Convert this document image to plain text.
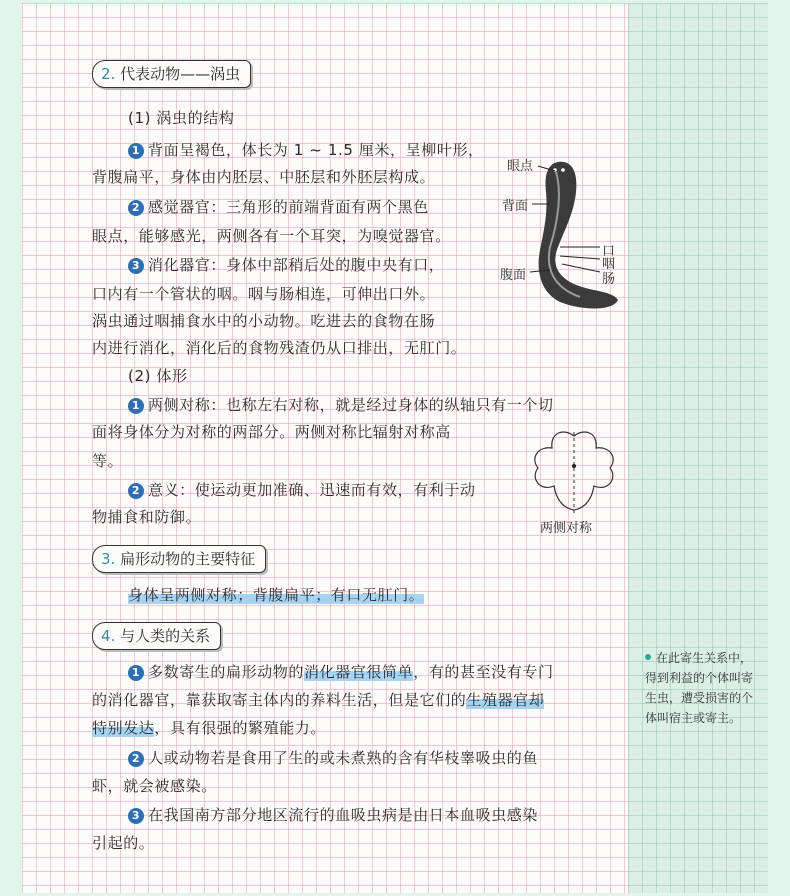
2. 代表动物——涡虫
(1) 涡虫的结构
1 背面呈褐色，体长为 1 ~ 1.5 厘米，呈柳叶形，
背腹扁平，身体由内胚层、中胚层和外胚层构成。
2 感觉器官：三角形的前端背面有两个黑色
眼点，能够感光，两侧各有一个耳突，为嗅觉器官。
3 消化器官：身体中部稍后处的腹中央有口，
口内有一个管状的咽。咽与肠相连，可伸出口外。
涡虫通过咽捕食水中的小动物。吃进去的食物在肠
内进行消化，消化后的食物残渣仍从口排出，无肛门。
眼点
背面
腹面
口
咽
肠
(2) 体形
1 两侧对称：也称左右对称，就是经过身体的纵轴只有一个切
面将身体分为对称的两部分。两侧对称比辐射对称高
等。
2 意义：使运动更加准确、迅速而有效，有利于动
物捕食和防御。
两侧对称
3. 扁形动物的主要特征
身体呈两侧对称；背腹扁平；有口无肛门。
4. 与人类的关系
1 多数寄生的扁形动物的消化器官很简单，有的甚至没有专门
的消化器官，靠获取寄主体内的养料生活，但是它们的生殖器官却
特别发达，具有很强的繁殖能力。
2 人或动物若是食用了生的或未煮熟的含有华枝睾吸虫的鱼
虾，就会被感染。
3 在我国南方部分地区流行的血吸虫病是由日本血吸虫感染
引起的。
在此寄生关系中，得到利益的个体叫寄生虫，遭受损害的个体叫宿主或寄主。
